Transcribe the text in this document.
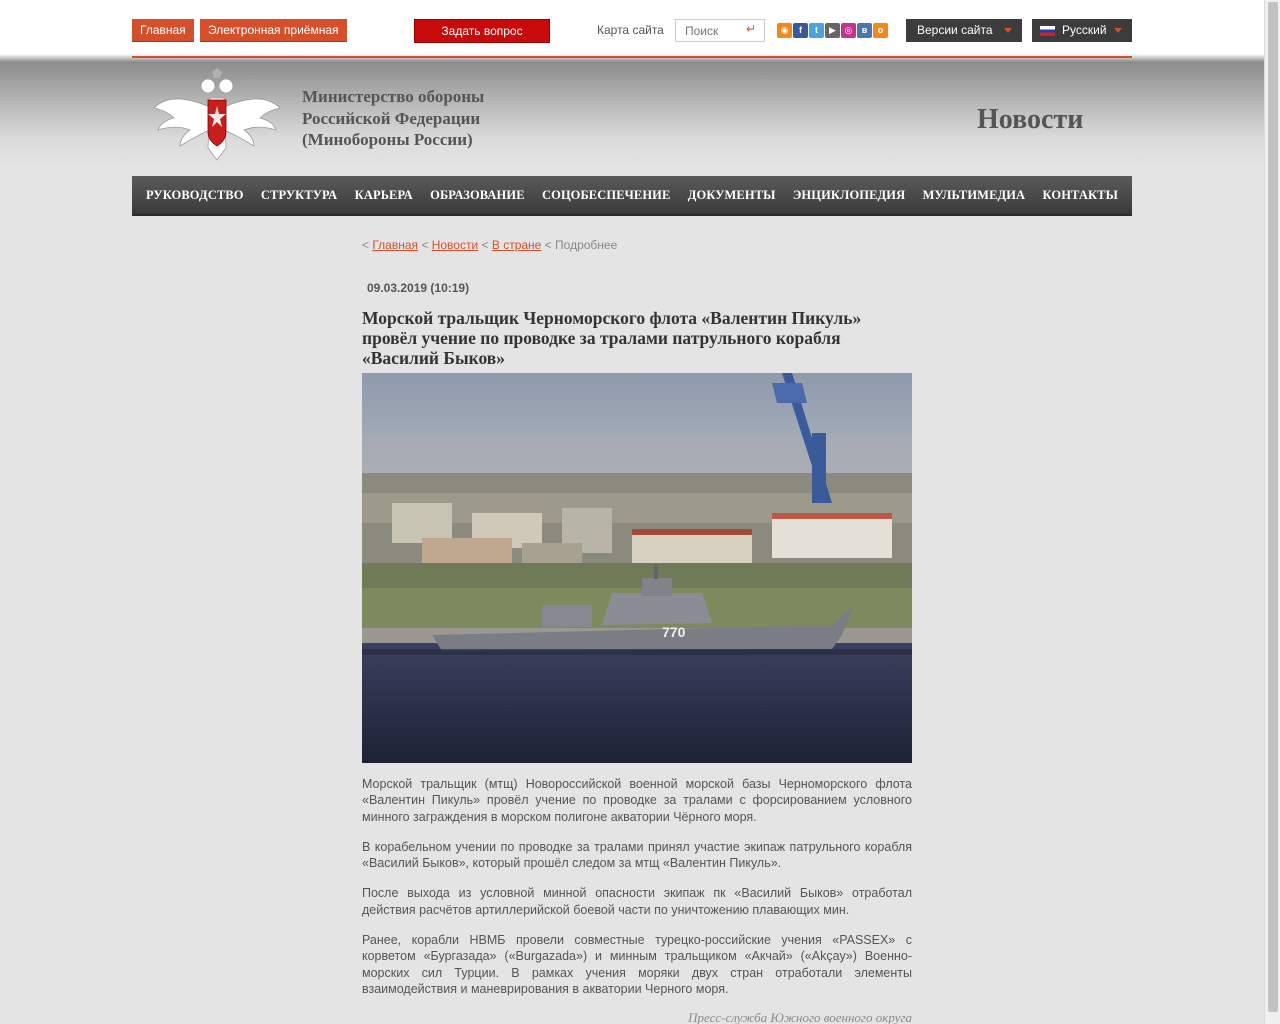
Главная	Электронная приёмная	Задать вопрос	Карта сайта
Поиск	↵	◉	f	t	▶ ◎	в	о	Версии сайта	Русский
Министерство обороны
Российской Федерации
(Минобороны России)
Новости
РУКОВОДСТВО СТРУКТУРА КАРЬЕРА ОБРАЗОВАНИЕ СОЦОБЕСПЕЧЕНИЕ ДОКУМЕНТЫ ЭНЦИКЛОПЕДИЯ МУЛЬТИМЕДИА КОНТАКТЫ
< Главная < Новости < В стране < Подробнее
09.03.2019 (10:19)
Морской тральщик Черноморского флота «Валентин Пикуль» провёл учение по проводке за тралами патрульного корабля «Василий Быков»
770

Морской тральщик (мтщ) Новороссийской военной морской базы Черноморского флота «Валентин Пикуль» провёл учение по проводке за тралами с форсированием условного минного заграждения в морском полигоне акватории Чёрного моря.

В корабельном учении по проводке за тралами принял участие экипаж патрульного корабля «Василий Быков», который прошёл следом за мтщ «Валентин Пикуль».

После выхода из условной минной опасности экипаж пк «Василий Быков» отработал действия расчётов артиллерийской боевой части по уничтожению плавающих мин.

Ранее, корабли НВМБ провели совместные турецко-российские учения «PASSEX» с корветом «Бургазада» («Burgazada») и минным тральщиком «Акчай» («Akçay») Военно-морских сил Турции. В рамках учения моряки двух стран отработали элементы взаимодействия и маневрирования в акватории Черного моря.

Пресс-служба Южного военного округа
